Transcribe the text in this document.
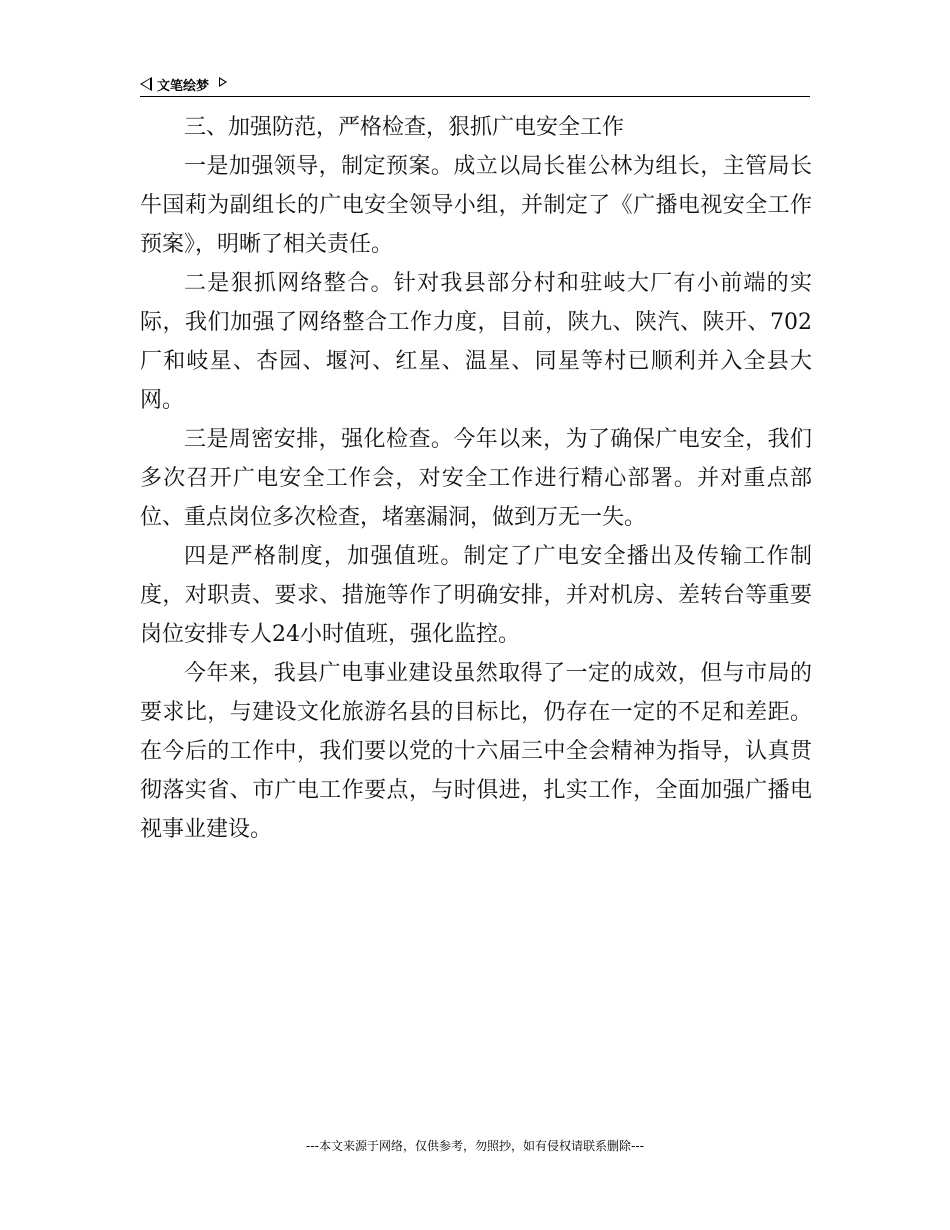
文笔绘梦

三、加强防范，严格检查，狠抓广电安全工作

一是加强领导，制定预案。成立以局长崔公林为组长，主管局长牛国莉为副组长的广电安全领导小组，并制定了《广播电视安全工作预案》，明晰了相关责任。

二是狠抓网络整合。针对我县部分村和驻岐大厂有小前端的实际，我们加强了网络整合工作力度，目前，陕九、陕汽、陕开、702厂和岐星、杏园、堰河、红星、温星、同星等村已顺利并入全县大网。

三是周密安排，强化检查。今年以来，为了确保广电安全，我们多次召开广电安全工作会，对安全工作进行精心部署。并对重点部位、重点岗位多次检查，堵塞漏洞，做到万无一失。

四是严格制度，加强值班。制定了广电安全播出及传输工作制度，对职责、要求、措施等作了明确安排，并对机房、差转台等重要岗位安排专人24小时值班，强化监控。

今年来，我县广电事业建设虽然取得了一定的成效，但与市局的要求比，与建设文化旅游名县的目标比，仍存在一定的不足和差距。在今后的工作中，我们要以党的十六届三中全会精神为指导，认真贯彻落实省、市广电工作要点，与时俱进，扎实工作，全面加强广播电视事业建设。

---本文来源于网络，仅供参考，勿照抄，如有侵权请联系删除---
